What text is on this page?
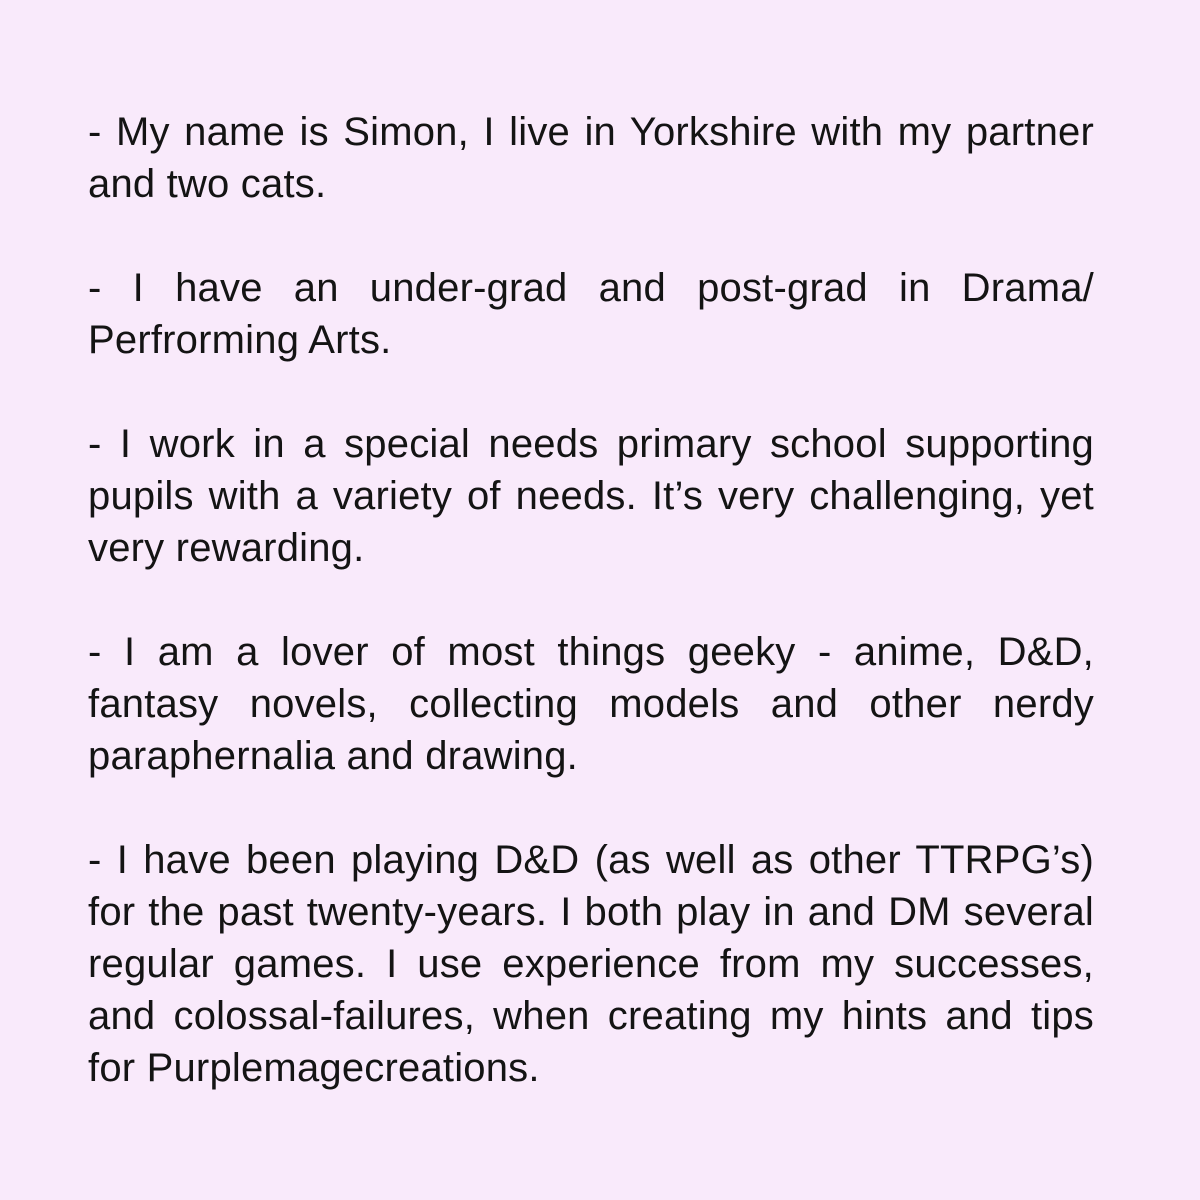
- My name is Simon, I live in Yorkshire with my partner and two cats.

- I have an under-grad and post-grad in Drama/ Perfrorming Arts.

- I work in a special needs primary school supporting pupils with a variety of needs. It’s very challenging, yet very rewarding.

- I am a lover of most things geeky - anime, D&D, fantasy novels, collecting models and other nerdy paraphernalia and drawing.

- I have been playing D&D (as well as other TTRPG’s) for the past twenty-years. I both play in and DM several regular games. I use experience from my successes, and colossal-failures, when creating my hints and tips for Purplemagecreations.
